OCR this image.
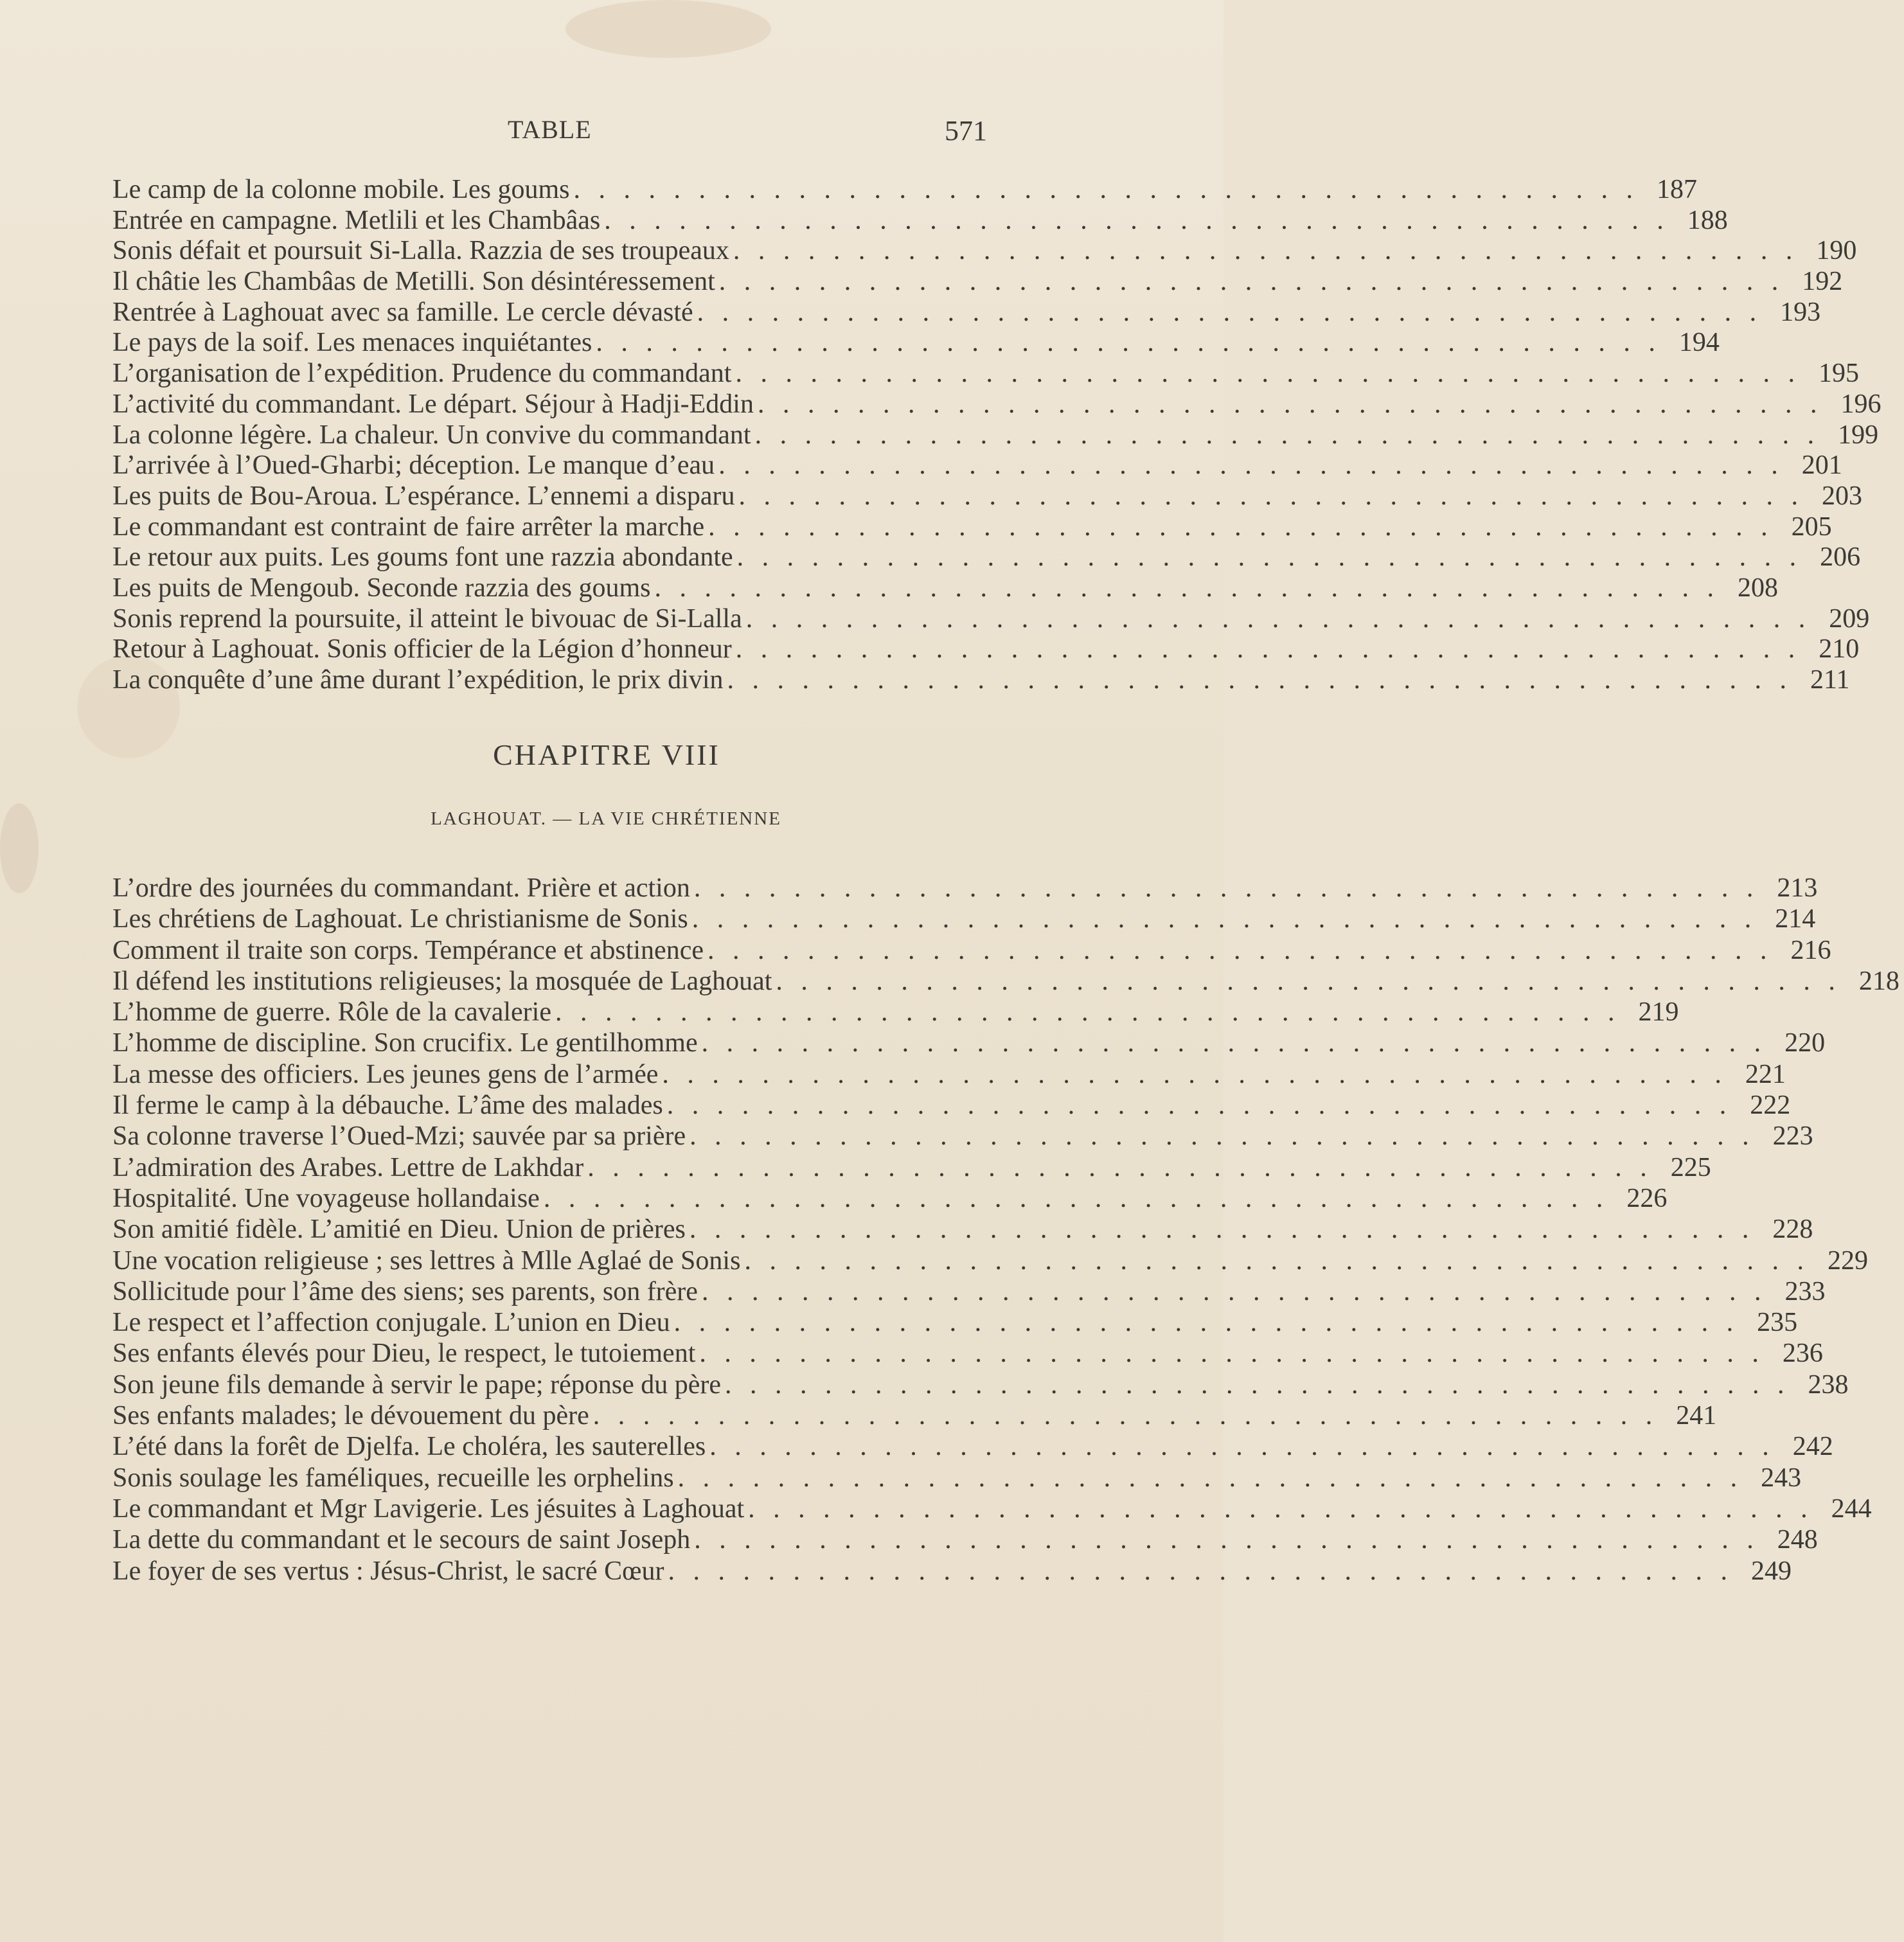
TABLE	571
Le camp de la colonne mobile. Les goums . . . . . . . . . . . . . . . . . . . . . . . . . . . . . . . . . . . . . . . . . . . 187
Entrée en campagne. Metlili et les Chambâas . . . . . . . . . . . . . . . . . . . . . . . . . . . . . . . . . . . . . . . . . . . 188
Sonis défait et poursuit Si-Lalla. Razzia de ses troupeaux . . . . . . . . . . . . . . . . . . . . . . . . . . . . . . . . . . . . . . . . . . . 190
Il châtie les Chambâas de Metilli. Son désintéressement . . . . . . . . . . . . . . . . . . . . . . . . . . . . . . . . . . . . . . . . . . . 192
Rentrée à Laghouat avec sa famille. Le cercle dévasté . . . . . . . . . . . . . . . . . . . . . . . . . . . . . . . . . . . . . . . . . . . 193
Le pays de la soif. Les menaces inquiétantes . . . . . . . . . . . . . . . . . . . . . . . . . . . . . . . . . . . . . . . . . . . 194
L’organisation de l’expédition. Prudence du commandant . . . . . . . . . . . . . . . . . . . . . . . . . . . . . . . . . . . . . . . . . . . 195
L’activité du commandant. Le départ. Séjour à Hadji-Eddin . . . . . . . . . . . . . . . . . . . . . . . . . . . . . . . . . . . . . . . . . . . 196
La colonne légère. La chaleur. Un convive du commandant . . . . . . . . . . . . . . . . . . . . . . . . . . . . . . . . . . . . . . . . . . . 199
L’arrivée à l’Oued-Gharbi; déception. Le manque d’eau . . . . . . . . . . . . . . . . . . . . . . . . . . . . . . . . . . . . . . . . . . . 201
Les puits de Bou-Aroua. L’espérance. L’ennemi a disparu . . . . . . . . . . . . . . . . . . . . . . . . . . . . . . . . . . . . . . . . . . . 203
Le commandant est contraint de faire arrêter la marche . . . . . . . . . . . . . . . . . . . . . . . . . . . . . . . . . . . . . . . . . . . 205
Le retour aux puits. Les goums font une razzia abondante . . . . . . . . . . . . . . . . . . . . . . . . . . . . . . . . . . . . . . . . . . . 206
Les puits de Mengoub. Seconde razzia des goums . . . . . . . . . . . . . . . . . . . . . . . . . . . . . . . . . . . . . . . . . . . 208
Sonis reprend la poursuite, il atteint le bivouac de Si-Lalla . . . . . . . . . . . . . . . . . . . . . . . . . . . . . . . . . . . . . . . . . . . 209
Retour à Laghouat. Sonis officier de la Légion d’honneur . . . . . . . . . . . . . . . . . . . . . . . . . . . . . . . . . . . . . . . . . . . 210
La conquête d’une âme durant l’expédition, le prix divin . . . . . . . . . . . . . . . . . . . . . . . . . . . . . . . . . . . . . . . . . . . 211
CHAPITRE VIII
LAGHOUAT. — LA VIE CHRÉTIENNE
L’ordre des journées du commandant. Prière et action . . . . . . . . . . . . . . . . . . . . . . . . . . . . . . . . . . . . . . . . . . . 213
Les chrétiens de Laghouat. Le christianisme de Sonis . . . . . . . . . . . . . . . . . . . . . . . . . . . . . . . . . . . . . . . . . . . 214
Comment il traite son corps. Tempérance et abstinence . . . . . . . . . . . . . . . . . . . . . . . . . . . . . . . . . . . . . . . . . . . 216
Il défend les institutions religieuses; la mosquée de Laghouat . . . . . . . . . . . . . . . . . . . . . . . . . . . . . . . . . . . . . . . . . . . 218
L’homme de guerre. Rôle de la cavalerie . . . . . . . . . . . . . . . . . . . . . . . . . . . . . . . . . . . . . . . . . . . 219
L’homme de discipline. Son crucifix. Le gentilhomme . . . . . . . . . . . . . . . . . . . . . . . . . . . . . . . . . . . . . . . . . . . 220
La messe des officiers. Les jeunes gens de l’armée . . . . . . . . . . . . . . . . . . . . . . . . . . . . . . . . . . . . . . . . . . . 221
Il ferme le camp à la débauche. L’âme des malades . . . . . . . . . . . . . . . . . . . . . . . . . . . . . . . . . . . . . . . . . . . 222
Sa colonne traverse l’Oued-Mzi; sauvée par sa prière . . . . . . . . . . . . . . . . . . . . . . . . . . . . . . . . . . . . . . . . . . . 223
L’admiration des Arabes. Lettre de Lakhdar . . . . . . . . . . . . . . . . . . . . . . . . . . . . . . . . . . . . . . . . . . . 225
Hospitalité. Une voyageuse hollandaise . . . . . . . . . . . . . . . . . . . . . . . . . . . . . . . . . . . . . . . . . . . 226
Son amitié fidèle. L’amitié en Dieu. Union de prières . . . . . . . . . . . . . . . . . . . . . . . . . . . . . . . . . . . . . . . . . . . 228
Une vocation religieuse ; ses lettres à Mlle Aglaé de Sonis . . . . . . . . . . . . . . . . . . . . . . . . . . . . . . . . . . . . . . . . . . . 229
Sollicitude pour l’âme des siens; ses parents, son frère . . . . . . . . . . . . . . . . . . . . . . . . . . . . . . . . . . . . . . . . . . . 233
Le respect et l’affection conjugale. L’union en Dieu . . . . . . . . . . . . . . . . . . . . . . . . . . . . . . . . . . . . . . . . . . . 235
Ses enfants élevés pour Dieu, le respect, le tutoiement . . . . . . . . . . . . . . . . . . . . . . . . . . . . . . . . . . . . . . . . . . . 236
Son jeune fils demande à servir le pape; réponse du père . . . . . . . . . . . . . . . . . . . . . . . . . . . . . . . . . . . . . . . . . . . 238
Ses enfants malades; le dévouement du père . . . . . . . . . . . . . . . . . . . . . . . . . . . . . . . . . . . . . . . . . . . 241
L’été dans la forêt de Djelfa. Le choléra, les sauterelles . . . . . . . . . . . . . . . . . . . . . . . . . . . . . . . . . . . . . . . . . . . 242
Sonis soulage les faméliques, recueille les orphelins . . . . . . . . . . . . . . . . . . . . . . . . . . . . . . . . . . . . . . . . . . . 243
Le commandant et Mgr Lavigerie. Les jésuites à Laghouat . . . . . . . . . . . . . . . . . . . . . . . . . . . . . . . . . . . . . . . . . . . 244
La dette du commandant et le secours de saint Joseph . . . . . . . . . . . . . . . . . . . . . . . . . . . . . . . . . . . . . . . . . . . 248
Le foyer de ses vertus : Jésus-Christ, le sacré Cœur . . . . . . . . . . . . . . . . . . . . . . . . . . . . . . . . . . . . . . . . . . . 249
